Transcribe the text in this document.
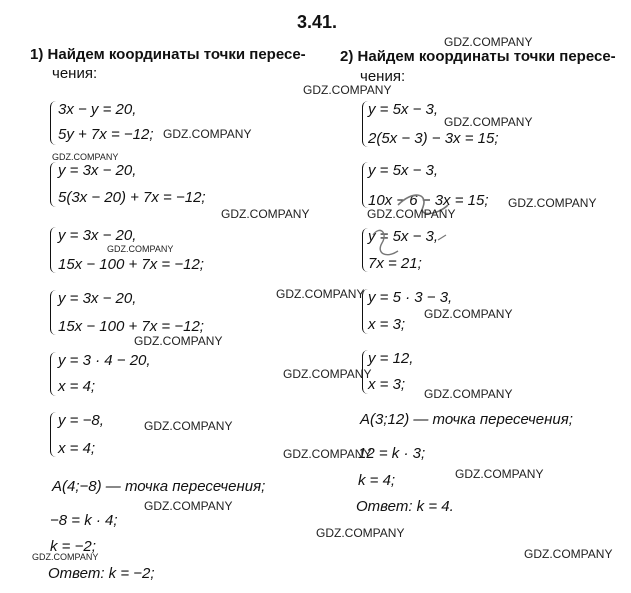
3.41.
1) Найдем координаты точки пересе-
чения:
3x − y = 20,
5y + 7x = −12;
y = 3x − 20,
5(3x − 20) + 7x = −12;
y = 3x − 20,
15x − 100 + 7x = −12;
y = 3x − 20,
15x − 100 + 7x = −12;
y = 3 · 4 − 20,
x = 4;
y = −8,
x = 4;
A(4;−8) — точка пересечения;
−8 = k · 4;
k = −2;
Ответ: k = −2;
2) Найдем координаты точки пересе-
чения:
y = 5x − 3,
2(5x − 3) − 3x = 15;
y = 5x − 3,
10x − 6 − 3x = 15;
y = 5x − 3,
7x = 21;
y = 5 · 3 − 3,
x = 3;
y = 12,
x = 3;
A(3;12) — точка пересечения;
12 = k · 3;
k = 4;
Ответ: k = 4.
GDZ.COMPANY
GDZ.COMPANY
GDZ.COMPANY
GDZ.COMPANY
GDZ.COMPANY
GDZ.COMPANY
GDZ.COMPANY	GDZ.COMPANY
GDZ.COMPANY
GDZ.COMPANY
GDZ.COMPANY
GDZ.COMPANY
GDZ.COMPANY
GDZ.COMPANY
GDZ.COMPANY
GDZ.COMPANY
GDZ.COMPANY
GDZ.COMPANY
GDZ.COMPANY
GDZ.COMPANY
GDZ.COMPANY
